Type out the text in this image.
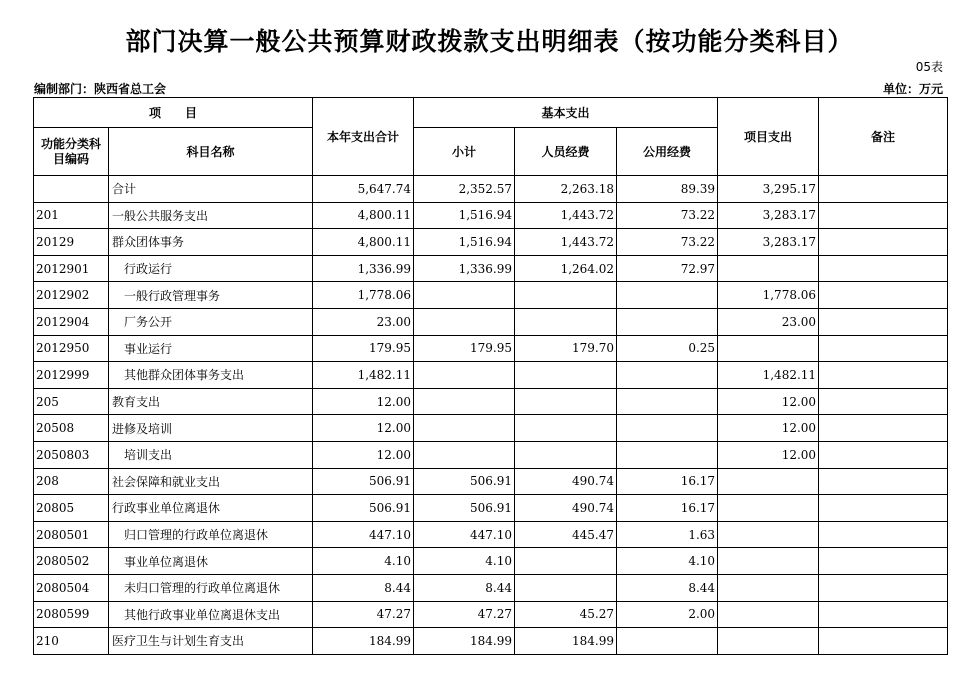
部门决算一般公共预算财政拨款支出明细表（按功能分类科目）
05表
编制部门：陕西省总工会	单位：万元
项　　目		本年支出合计	基本支出			项目支出	备注
功能分类科目编码	科目名称		小计	人员经费	公用经费		
	合计	5,647.74	2,352.57	2,263.18	89.39	3,295.17	
201	一般公共服务支出	4,800.11	1,516.94	1,443.72	73.22	3,283.17	
20129	群众团体事务	4,800.11	1,516.94	1,443.72	73.22	3,283.17	
2012901	行政运行	1,336.99	1,336.99	1,264.02	72.97		
2012902	一般行政管理事务	1,778.06				1,778.06	
2012904	厂务公开	23.00				23.00	
2012950	事业运行	179.95	179.95	179.70	0.25		
2012999	其他群众团体事务支出	1,482.11				1,482.11	
205	教育支出	12.00				12.00	
20508	进修及培训	12.00				12.00	
2050803	培训支出	12.00				12.00	
208	社会保障和就业支出	506.91	506.91	490.74	16.17		
20805	行政事业单位离退休	506.91	506.91	490.74	16.17		
2080501	归口管理的行政单位离退休	447.10	447.10	445.47	1.63		
2080502	事业单位离退休	4.10	4.10		4.10		
2080504	未归口管理的行政单位离退休	8.44	8.44		8.44		
2080599	其他行政事业单位离退休支出	47.27	47.27	45.27	2.00		
210	医疗卫生与计划生育支出	184.99	184.99	184.99			
